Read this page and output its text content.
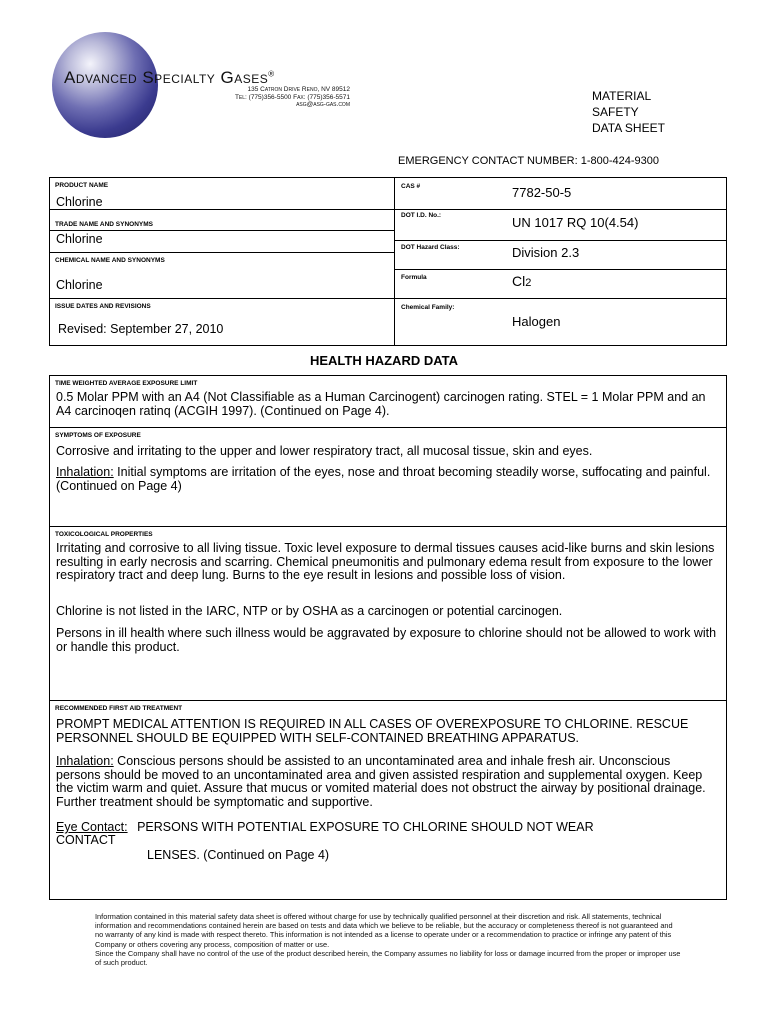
Advanced Specialty Gases®
135 Catron Drive Reno, NV 89512
Tel: (775)356-5500 Fax: (775)356-5571
asg@asg-gas.com
MATERIAL
SAFETY
DATA SHEET
EMERGENCY CONTACT NUMBER: 1-800-424-9300
PRODUCT NAME
Chlorine
TRADE NAME AND SYNONYMS
Chlorine
CHEMICAL NAME AND SYNONYMS
Chlorine
ISSUE DATES AND REVISIONS
Revised: September 27, 2010
CAS #	7782-50-5
DOT I.D. No.:	UN 1017 RQ 10(4.54)
DOT Hazard Class:	Division 2.3
Formula	Cl2
Chemical Family:
Halogen
HEALTH HAZARD DATA
TIME WEIGHTED AVERAGE EXPOSURE LIMIT
0.5 Molar PPM with an A4 (Not Classifiable as a Human Carcinogent) carcinogen rating. STEL = 1 Molar PPM and an A4 carcinoqen ratinq (ACGIH 1997). (Continued on Page 4).
SYMPTOMS OF EXPOSURE
Corrosive and irritating to the upper and lower respiratory tract, all mucosal tissue, skin and eyes.
Inhalation: Initial symptoms are irritation of the eyes, nose and throat becoming steadily worse, suffocating and painful. (Continued on Page 4)
TOXICOLOGICAL PROPERTIES
Irritating and corrosive to all living tissue. Toxic level exposure to dermal tissues causes acid-like burns and skin lesions resulting in early necrosis and scarring. Chemical pneumonitis and pulmonary edema result from exposure to the lower respiratory tract and deep lung. Burns to the eye result in lesions and possible loss of vision.
Chlorine is not listed in the IARC, NTP or by OSHA as a carcinogen or potential carcinogen.
Persons in ill health where such illness would be aggravated by exposure to chlorine should not be allowed to work with or handle this product.
RECOMMENDED FIRST AID TREATMENT
PROMPT MEDICAL ATTENTION IS REQUIRED IN ALL CASES OF OVEREXPOSURE TO CHLORINE. RESCUE PERSONNEL SHOULD BE EQUIPPED WITH SELF-CONTAINED BREATHING APPARATUS.
Inhalation: Conscious persons should be assisted to an uncontaminated area and inhale fresh air. Unconscious persons should be moved to an uncontaminated area and given assisted respiration and supplemental oxygen. Keep the victim warm and quiet. Assure that mucus or vomited material does not obstruct the airway by positional drainage. Further treatment should be symptomatic and supportive.
Eye Contact: PERSONS WITH POTENTIAL EXPOSURE TO CHLORINE SHOULD NOT WEAR
CONTACT
LENSES. (Continued on Page 4)
Information contained in this material safety data sheet is offered without charge for use by technically qualified personnel at their discretion and risk. All statements, technical information and recommendations contained herein are based on tests and data which we believe to be reliable, but the accuracy or completeness thereof is not guaranteed and no warranty of any kind is made with respect thereto. This information is not intended as a license to operate under or a recommendation to practice or infringe any patent of this Company or others covering any process, composition of matter or use.
Since the Company shall have no control of the use of the product described herein, the Company assumes no liability for loss or damage incurred from the proper or improper use of such product.
